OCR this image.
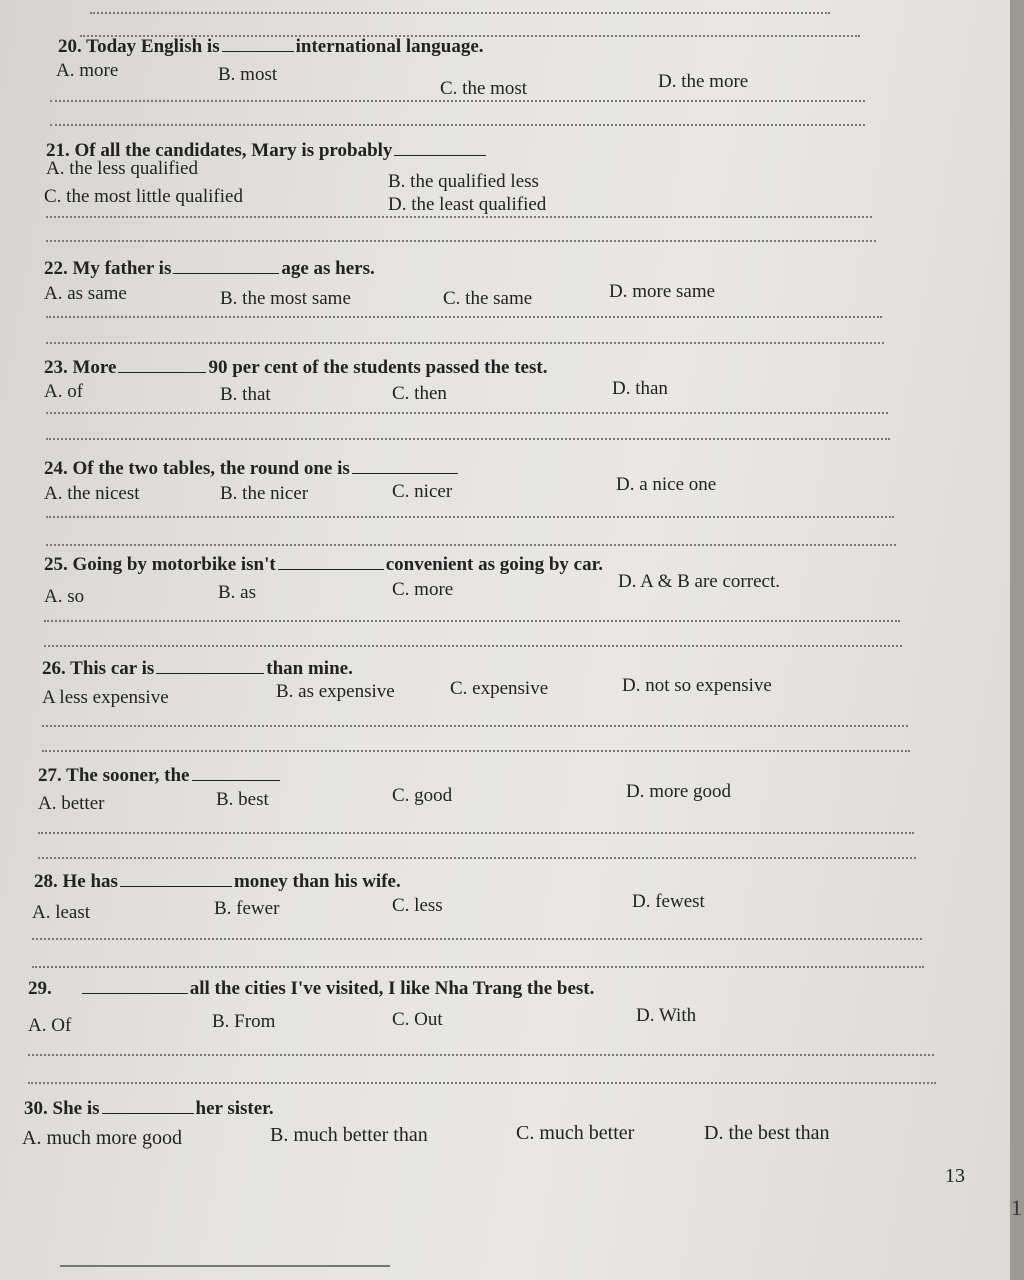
20. Today English is	international language.
A. more	B. most
C. the most	D. the more
21. Of all the candidates, Mary is probably
A. the less qualified
B. the qualified less
C. the most little qualified	D. the least qualified
22. My father is	age as hers.
A. as same	B. the most same	C. the same	D. more same
23. More	90 per cent of the students passed the test.
A. of	B. that	C. then	D. than
24. Of the two tables, the round one is
A. the nicest	B. the nicer	C. nicer	D. a nice one
25. Going by motorbike isn't	convenient as going by car.
A. so	B. as	C. more	D. A & B are correct.
26. This car is	than mine.
A less expensive	B. as expensive	C. expensive	D. not so expensive
27. The sooner, the
A. better	B. best	C. good	D. more good
28. He has	money than his wife.
A. least	B. fewer	C. less	D. fewest
29.	all the cities I've visited, I like Nha Trang the best.
A. Of	B. From	C. Out	D. With
30. She is	her sister.
A. much more good	B. much better than	C. much better	D. the best than
13
1
